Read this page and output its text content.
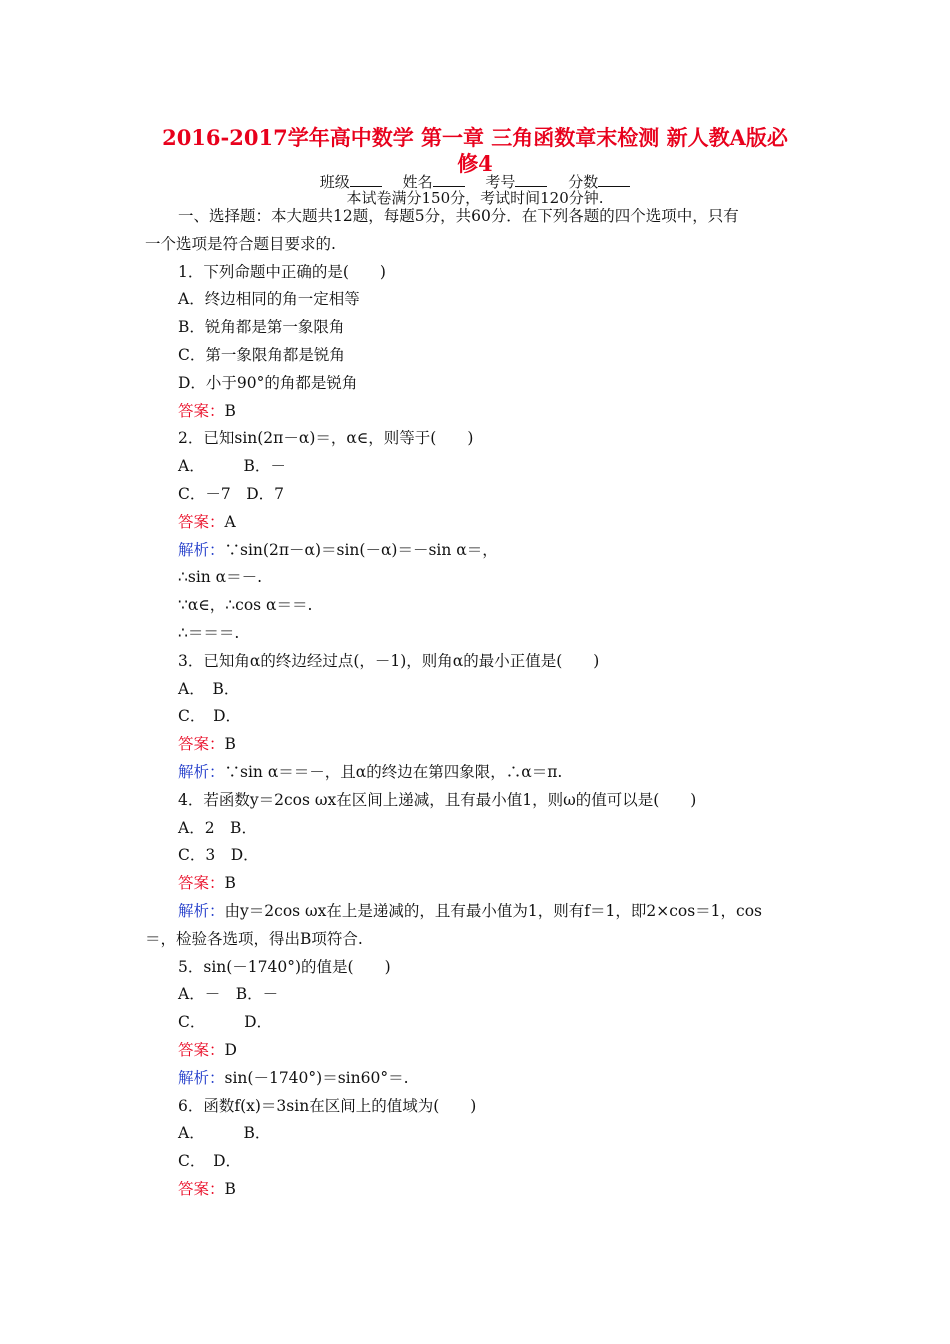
2016-2017学年高中数学 第一章 三角函数章末检测 新人教A版必
修4
班级	姓名	考号	分数
本试卷满分150分，考试时间120分钟.
一、选择题：本大题共12题，每题5分，共60分．在下列各题的四个选项中，只有
一个选项是符合题目要求的.
1．下列命题中正确的是(　　)
A．终边相同的角一定相等
B．锐角都是第一象限角
C．第一象限角都是锐角
D．小于90°的角都是锐角
答案：B
2．已知sin(2π－α)＝，α∈，则等于(　　)
A．　　　B．－
C．－7　D．7
答案：A
解析：∵sin(2π－α)＝sin(－α)＝－sin α＝，
∴sin α＝－.
∵α∈，∴cos α＝＝.
∴＝＝＝.
3．已知角α的终边经过点(，－1)，则角α的最小正值是(　　)
A．　B．
C．　D．
答案：B
解析：∵sin α＝＝－，且α的终边在第四象限，∴α＝π.
4．若函数y＝2cos ωx在区间上递减，且有最小值1，则ω的值可以是(　　)
A．2　B．
C．3　D．
答案：B
解析：由y＝2cos ωx在上是递减的，且有最小值为1，则有f＝1，即2×cos＝1，cos
＝，检验各选项，得出B项符合.
5．sin(－1740°)的值是(　　)
A．－　B．－
C．　　　D．
答案：D
解析：sin(－1740°)＝sin60°＝.
6．函数f(x)＝3sin在区间上的值域为(　　)
A．　　　B．
C．　D．
答案：B
